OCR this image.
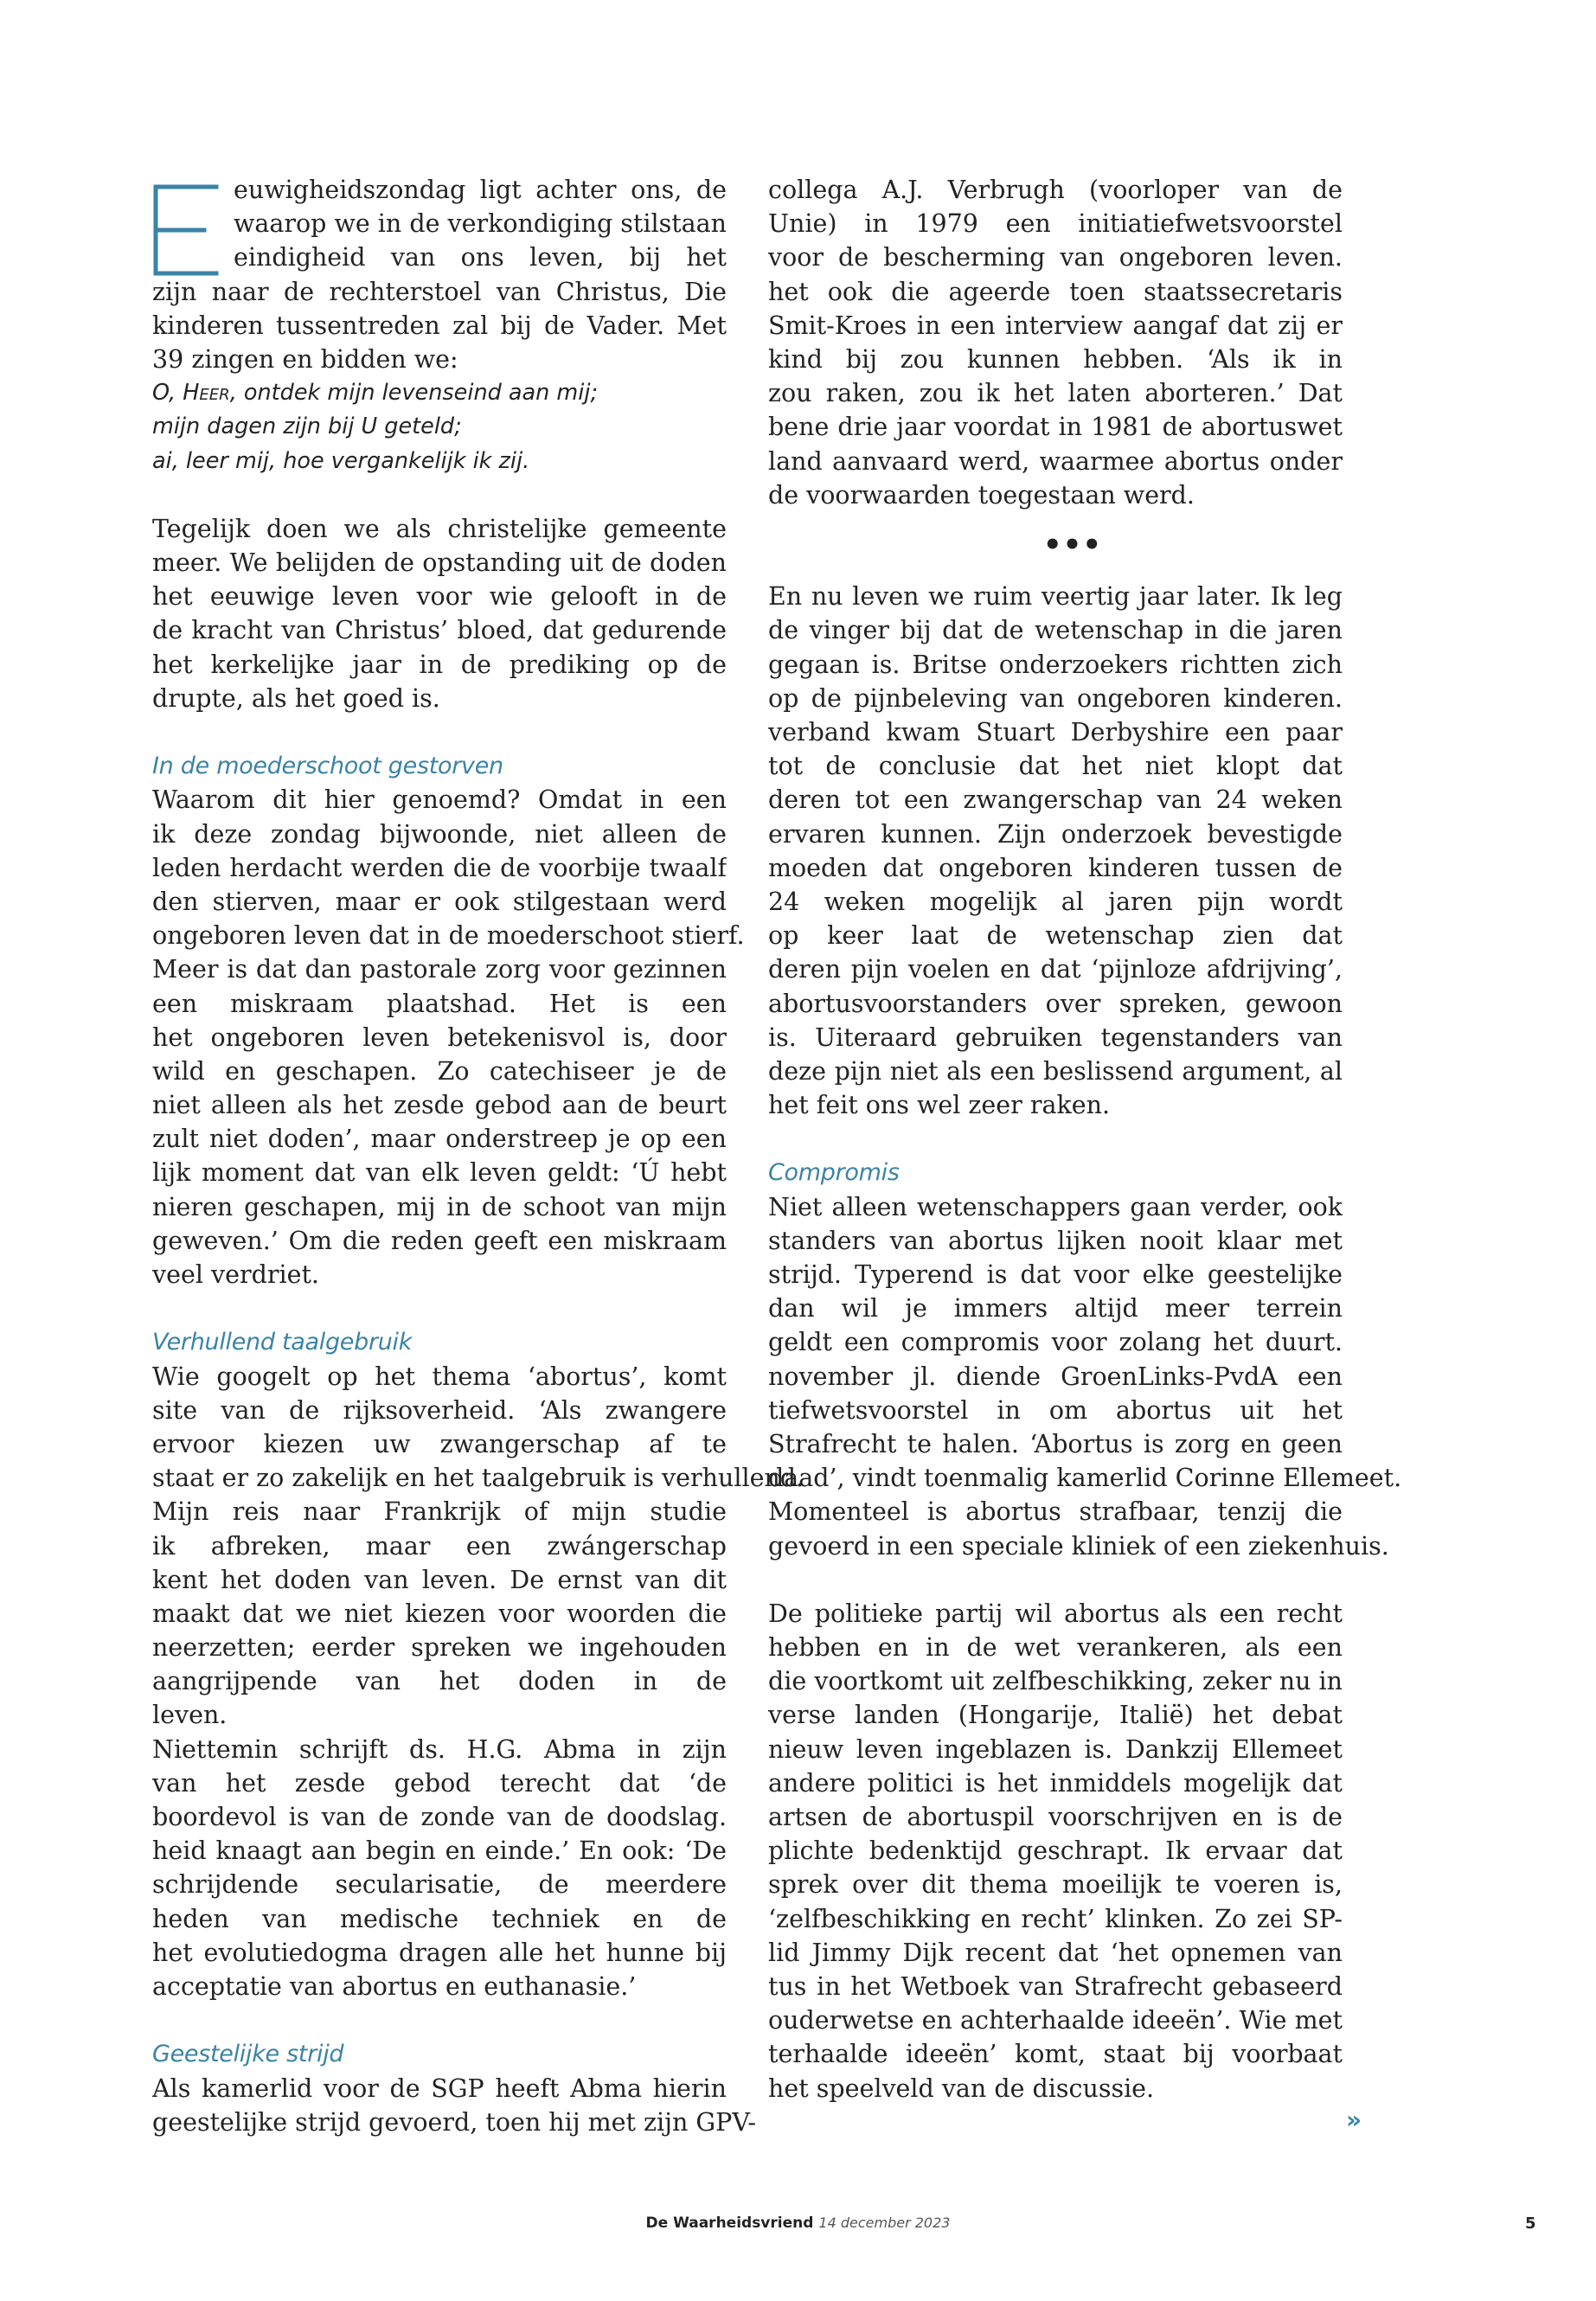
euwigheidszondag ligt achter ons, de
waarop we in de verkondiging stilstaan
eindigheid van ons leven, bij het
zijn naar de rechterstoel van Christus, Die
kinderen tussentreden zal bij de Vader. Met
39 zingen en bidden we:
O, Heer, ontdek mijn levenseind aan mij;
mijn dagen zijn bij U geteld;
ai, leer mij, hoe vergankelijk ik zij.
Tegelijk doen we als christelijke gemeente
meer. We belijden de opstanding uit de doden
het eeuwige leven voor wie gelooft in de
de kracht van Christus’ bloed, dat gedurende
het kerkelijke jaar in de prediking op de
drupte, als het goed is.
In de moederschoot gestorven
Waarom dit hier genoemd? Omdat in een
ik deze zondag bijwoonde, niet alleen de
leden herdacht werden die de voorbije twaalf
den stierven, maar er ook stilgestaan werd
ongeboren leven dat in de moederschoot stierf.
Meer is dat dan pastorale zorg voor gezinnen
een miskraam plaatshad. Het is een
het ongeboren leven betekenisvol is, door
wild en geschapen. Zo catechiseer je de
niet alleen als het zesde gebod aan de beurt
zult niet doden’, maar onderstreep je op een
lijk moment dat van elk leven geldt: ‘Ú hebt
nieren geschapen, mij in de schoot van mijn
geweven.’ Om die reden geeft een miskraam
veel verdriet.
Verhullend taalgebruik
Wie googelt op het thema ‘abortus’, komt
site van de rijksoverheid. ‘Als zwangere
ervoor kiezen uw zwangerschap af te
staat er zo zakelijk en het taalgebruik is verhullend.
Mijn reis naar Frankrijk of mijn studie
ik afbreken, maar een zwángerschap
kent het doden van leven. De ernst van dit
maakt dat we niet kiezen voor woorden die
neerzetten; eerder spreken we ingehouden
aangrijpende van het doden in de
leven.
Niettemin schrijft ds. H.G. Abma in zijn
van het zesde gebod terecht dat ‘de
boordevol is van de zonde van de doodslag.
heid knaagt aan begin en einde.’ En ook: ‘De
schrijdende secularisatie, de meerdere
heden van medische techniek en de
het evolutiedogma dragen alle het hunne bij
acceptatie van abortus en euthanasie.’
Geestelijke strijd
Als kamerlid voor de SGP heeft Abma hierin
geestelijke strijd gevoerd, toen hij met zijn GPV-
collega A.J. Verbrugh (voorloper van de
Unie) in 1979 een initiatiefwetsvoorstel
voor de bescherming van ongeboren leven.
het ook die ageerde toen staatssecretaris
Smit-Kroes in een interview aangaf dat zij er
kind bij zou kunnen hebben. ‘Als ik in
zou raken, zou ik het laten aborteren.’ Dat
bene drie jaar voordat in 1981 de abortuswet
land aanvaard werd, waarmee abortus onder
de voorwaarden toegestaan werd.
•••
En nu leven we ruim veertig jaar later. Ik leg
de vinger bij dat de wetenschap in die jaren
gegaan is. Britse onderzoekers richtten zich
op de pijnbeleving van ongeboren kinderen.
verband kwam Stuart Derbyshire een paar
tot de conclusie dat het niet klopt dat
deren tot een zwangerschap van 24 weken
ervaren kunnen. Zijn onderzoek bevestigde
moeden dat ongeboren kinderen tussen de
24 weken mogelijk al jaren pijn wordt
op keer laat de wetenschap zien dat
deren pijn voelen en dat ‘pijnloze afdrijving’,
abortusvoorstanders over spreken, gewoon
is. Uiteraard gebruiken tegenstanders van
deze pijn niet als een beslissend argument, al
het feit ons wel zeer raken.
Compromis
Niet alleen wetenschappers gaan verder, ook
standers van abortus lijken nooit klaar met
strijd. Typerend is dat voor elke geestelijke
dan wil je immers altijd meer terrein
geldt een compromis voor zolang het duurt.
november jl. diende GroenLinks-PvdA een
tiefwetsvoorstel in om abortus uit het
Strafrecht te halen. ‘Abortus is zorg en geen
daad’, vindt toenmalig kamerlid Corinne Ellemeet.
Momenteel is abortus strafbaar, tenzij die
gevoerd in een speciale kliniek of een ziekenhuis.
De politieke partij wil abortus als een recht
hebben en in de wet verankeren, als een
die voortkomt uit zelfbeschikking, zeker nu in
verse landen (Hongarije, Italië) het debat
nieuw leven ingeblazen is. Dankzij Ellemeet
andere politici is het inmiddels mogelijk dat
artsen de abortuspil voorschrijven en is de
plichte bedenktijd geschrapt. Ik ervaar dat
sprek over dit thema moeilijk te voeren is,
‘zelfbeschikking en recht’ klinken. Zo zei SP-
lid Jimmy Dijk recent dat ‘het opnemen van
tus in het Wetboek van Strafrecht gebaseerd
ouderwetse en achterhaalde ideeën’. Wie met
terhaalde ideeën’ komt, staat bij voorbaat
het speelveld van de discussie.
»
De Waarheidsvriend 14 december 2023	5
